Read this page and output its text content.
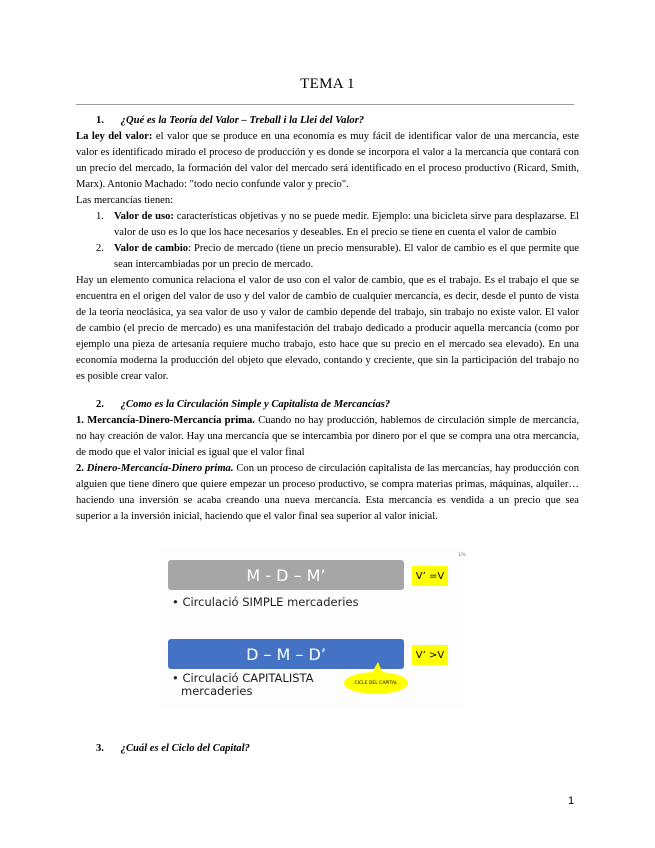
TEMA 1

1. ¿Qué es la Teoría del Valor – Treball i la Llei del Valor?

La ley del valor: el valor que se produce en una economía es muy fácil de identificar valor de una mercancía, este valor es identificado mirado el proceso de producción y es donde se incorpora el valor a la mercancía que contará con un precio del mercado, la formación del valor del mercado será identificado en el proceso productivo (Ricard, Smith, Marx). Antonio Machado: "todo necio confunde valor y precio".

Las mercancías tienen:

1. Valor de uso: características objetivas y no se puede medir. Ejemplo: una bicicleta sirve para desplazarse. El valor de uso es lo que los hace necesarios y deseables. En el precio se tiene en cuenta el valor de cambio
2. Valor de cambio: Precio de mercado (tiene un precio mensurable). El valor de cambio es el que permite que sean intercambiadas por un precio de mercado.

Hay un elemento comunica relaciona el valor de uso con el valor de cambio, que es el trabajo. Es el trabajo el que se encuentra en el origen del valor de uso y del valor de cambio de cualquier mercancía, es decir, desde el punto de vista de la teoría neoclásica, ya sea valor de uso y valor de cambio depende del trabajo, sin trabajo no existe valor. El valor de cambio (el precio de mercado) es una manifestación del trabajo dedicado a producir aquella mercancía (como por ejemplo una pieza de artesanía requiere mucho trabajo, esto hace que su precio en el mercado sea elevado). En una economía moderna la producción del objeto que elevado, contando y creciente, que sin la participación del trabajo no es posible crear valor.

2. ¿Como es la Circulación Simple y Capitalista de Mercancías?

1. Mercancía-Dinero-Mercancía prima. Cuando no hay producción, hablemos de circulación simple de mercancía, no hay creación de valor. Hay una mercancía que se intercambia por dinero por el que se compra una otra mercancía, de modo que el valor inicial es igual que el valor final

2. Dinero-Mercancía-Dinero prima. Con un proceso de circulación capitalista de las mercancías, hay producción con alguien que tiene dinero que quiere empezar un proceso productivo, se compra materias primas, máquinas, alquiler… haciendo una inversión se acaba creando una nueva mercancía. Esta mercancía es vendida a un precio que sea superior a la inversión inicial, haciendo que el valor final sea superior al valor inicial.

1/%
M - D – M’	V’ =V
• Circulació SIMPLE mercaderies
D – M – D’	V’ >V
• Circulació CAPITALISTA
mercaderies
CICLE DEL CAPITAL
3. ¿Cuál es el Ciclo del Capital?
1
